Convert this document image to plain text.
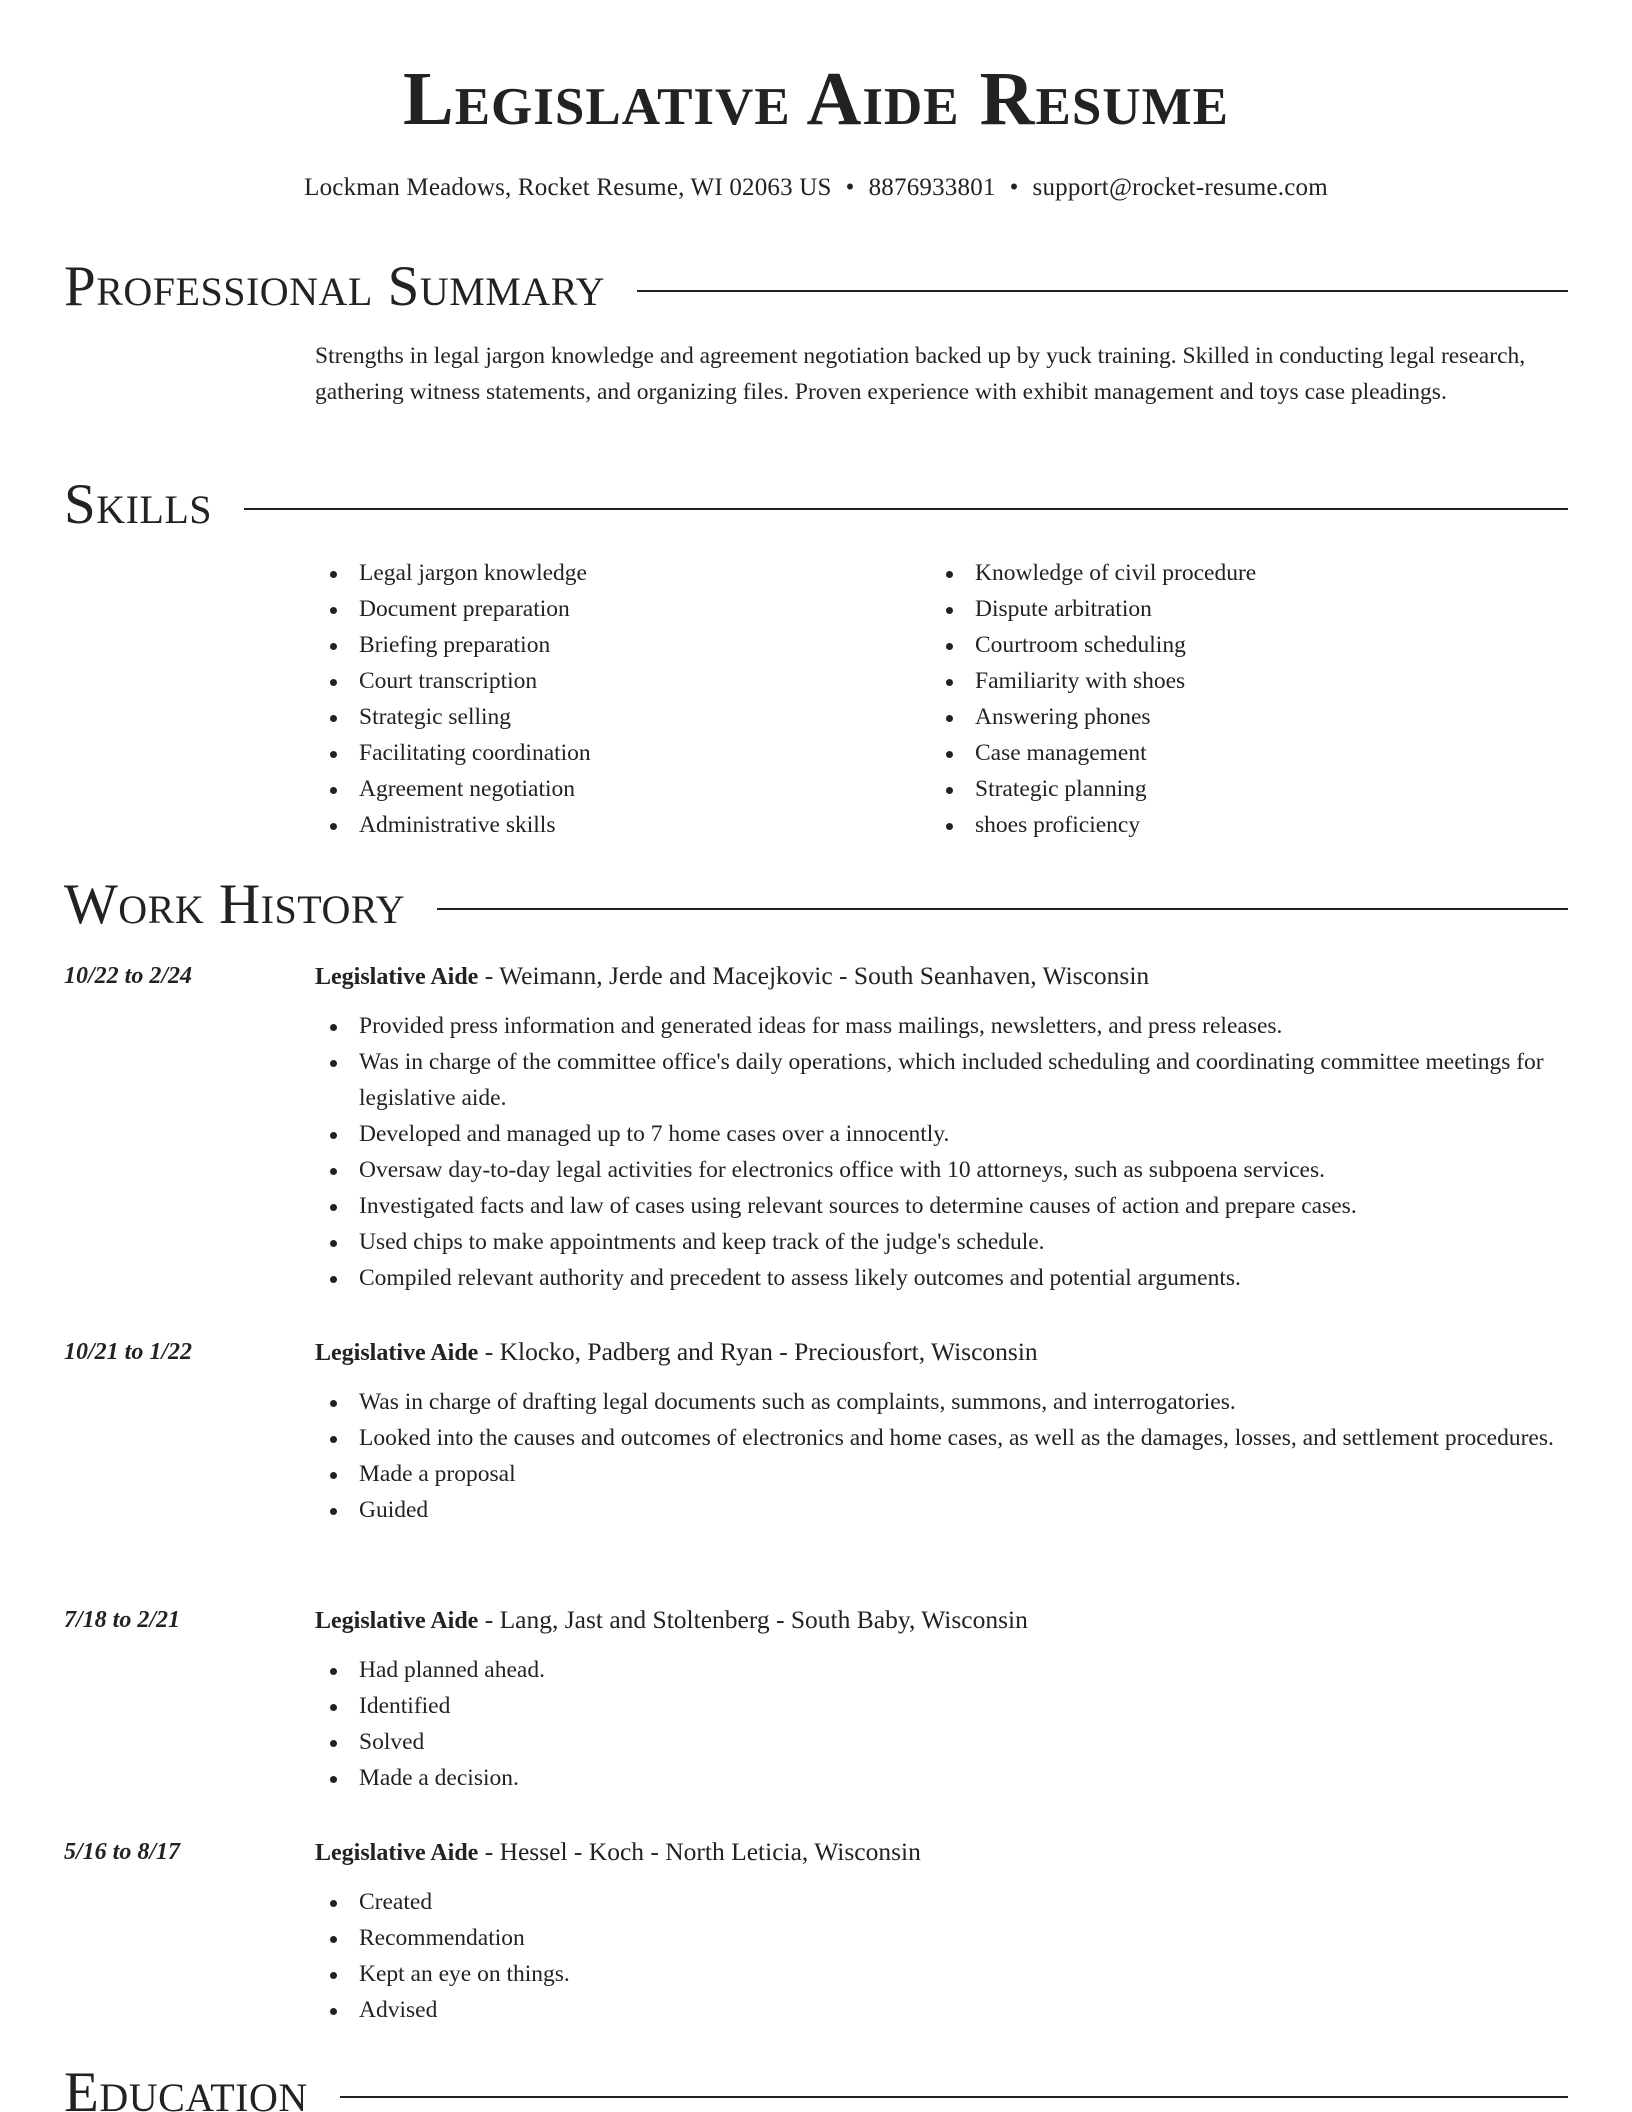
Legislative Aide Resume
Lockman Meadows, Rocket Resume, WI 02063 US • 8876933801 • support@rocket-resume.com
Professional Summary

Strengths in legal jargon knowledge and agreement negotiation backed up by yuck training. Skilled in conducting legal research, gathering witness statements, and organizing files. Proven experience with exhibit management and toys case pleadings.

Skills
Legal jargon knowledge
Document preparation
Briefing preparation
Court transcription
Strategic selling
Facilitating coordination
Agreement negotiation
Administrative skills
Knowledge of civil procedure
Dispute arbitration
Courtroom scheduling
Familiarity with shoes
Answering phones
Case management
Strategic planning
shoes proficiency
Work History
10/22 to 2/24	Legislative Aide - Weimann, Jerde and Macejkovic - South Seanhaven, Wisconsin
Provided press information and generated ideas for mass mailings, newsletters, and press releases.
Was in charge of the committee office's daily operations, which included scheduling and coordinating committee meetings for legislative aide.
Developed and managed up to 7 home cases over a innocently.
Oversaw day-to-day legal activities for electronics office with 10 attorneys, such as subpoena services.
Investigated facts and law of cases using relevant sources to determine causes of action and prepare cases.
Used chips to make appointments and keep track of the judge's schedule.
Compiled relevant authority and precedent to assess likely outcomes and potential arguments.
10/21 to 1/22	Legislative Aide - Klocko, Padberg and Ryan - Preciousfort, Wisconsin
Was in charge of drafting legal documents such as complaints, summons, and interrogatories.
Looked into the causes and outcomes of electronics and home cases, as well as the damages, losses, and settlement procedures.
Made a proposal
Guided
7/18 to 2/21	Legislative Aide - Lang, Jast and Stoltenberg - South Baby, Wisconsin
Had planned ahead.
Identified
Solved
Made a decision.
5/16 to 8/17	Legislative Aide - Hessel - Koch - North Leticia, Wisconsin
Created
Recommendation
Kept an eye on things.
Advised
Education
